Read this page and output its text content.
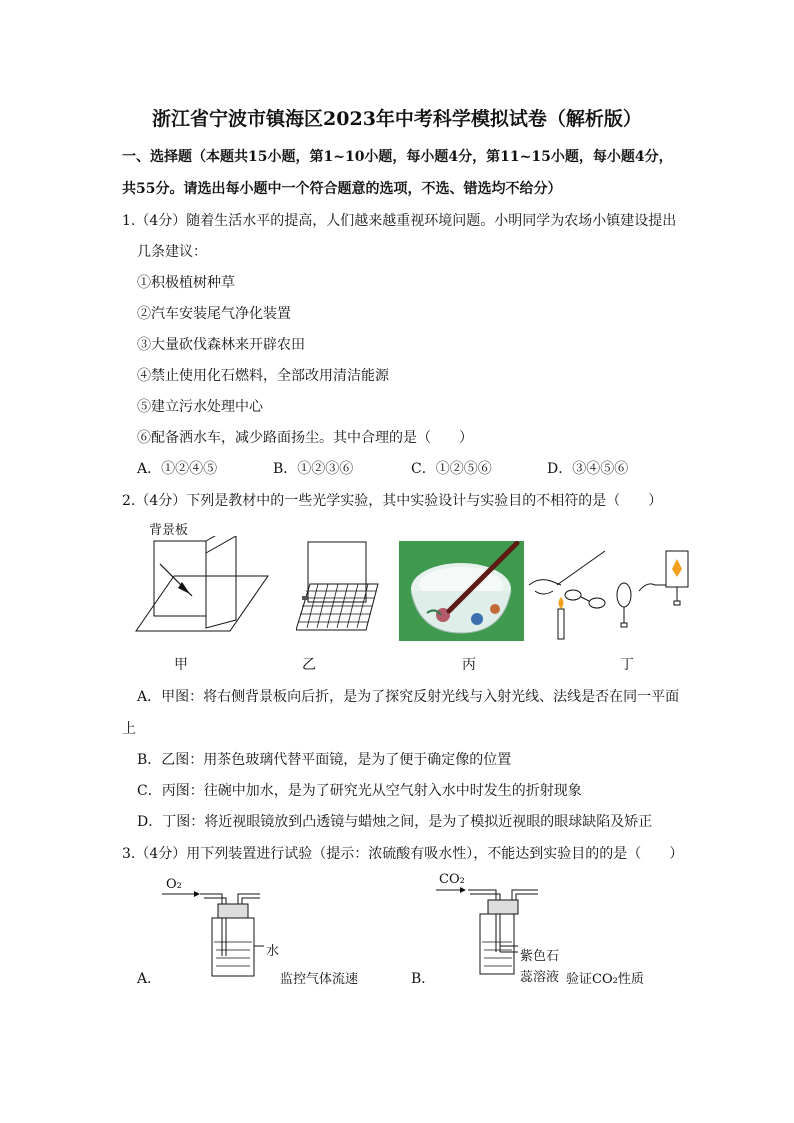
浙江省宁波市镇海区2023年中考科学模拟试卷（解析版）
一、选择题（本题共15小题，第1~10小题，每小题4分，第11~15小题，每小题4分，
共55分。请选出每小题中一个符合题意的选项，不选、错选均不给分）
1.（4分）随着生活水平的提高，人们越来越重视环境问题。小明同学为农场小镇建设提出
几条建议：
①积极植树种草
②汽车安装尾气净化装置
③大量砍伐森林来开辟农田
④禁止使用化石燃料，全部改用清洁能源
⑤建立污水处理中心
⑥配备洒水车，减少路面扬尘。其中合理的是（　　）
A．①②④⑤	B．①②③⑥	C．①②⑤⑥	D．③④⑤⑥
2.（4分）下列是教材中的一些光学实验，其中实验设计与实验目的不相符的是（　　）
背景板
甲	乙	丙	丁
A．甲图：将右侧背景板向后折，是为了探究反射光线与入射光线、法线是否在同一平面
上
B．乙图：用茶色玻璃代替平面镜，是为了便于确定像的位置
C．丙图：往碗中加水，是为了研究光从空气射入水中时发生的折射现象
D．丁图：将近视眼镜放到凸透镜与蜡烛之间，是为了模拟近视眼的眼球缺陷及矫正
3.（4分）用下列装置进行试验（提示：浓硫酸有吸水性），不能达到实验目的的是（　　）
O₂
水
A．	监控气体流速
CO₂
紫色石
蕊溶液
B．	验证CO₂性质
